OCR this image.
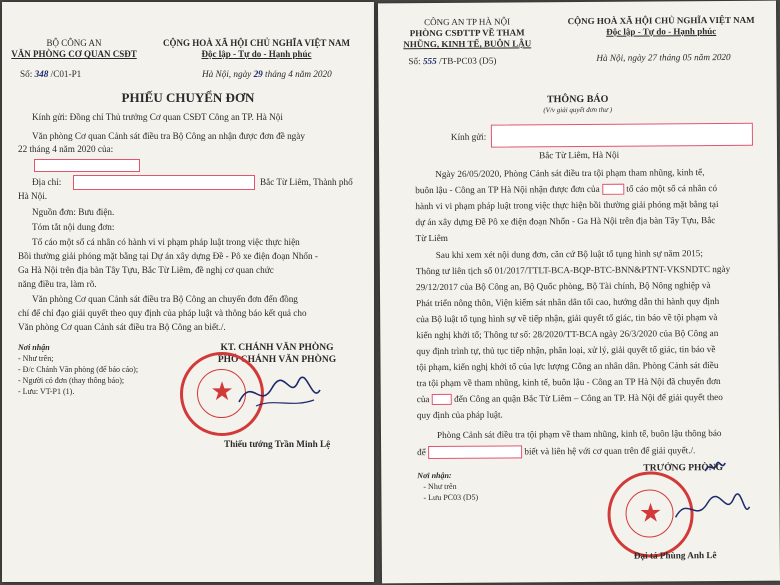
BỘ CÔNG AN
VĂN PHÒNG CƠ QUAN CSĐT
Số: 348 /C01-P1
CỘNG HOÀ XÃ HỘI CHỦ NGHĨA VIỆT NAM
Độc lập - Tự do - Hạnh phúc
Hà Nội, ngày 29 tháng 4 năm 2020
PHIẾU CHUYỂN ĐƠN
Kính gửi: Đồng chí Thủ trưởng Cơ quan CSĐT Công an TP. Hà Nội
Văn phòng Cơ quan Cảnh sát điều tra Bộ Công an nhận được đơn đề ngày
22 tháng 4 năm 2020 của:
Địa chỉ:	Bắc Từ Liêm, Thành phố
Hà Nội.
Nguồn đơn: Bưu điện.
Tóm tắt nội dung đơn:
Tố cáo một số cá nhân có hành vi vi phạm pháp luật trong việc thực hiện
Bồi thường giải phóng mặt bằng tại Dự án xây dựng Đề - Pô xe điện đoạn Nhổn -
Ga Hà Nội trên địa bàn Tây Tựu, Bắc Từ Liêm, đề nghị cơ quan chức
năng điều tra, làm rõ.
Văn phòng Cơ quan Cảnh sát điều tra Bộ Công an chuyển đơn đến đồng
chí để chỉ đạo giải quyết theo quy định của pháp luật và thông báo kết quả cho
Văn phòng Cơ quan Cảnh sát điều tra Bộ Công an biết./.
Nơi nhận
- Như trên;
- Đ/c Chánh Văn phòng (để báo cáo);
- Người có đơn (thay thông báo);
- Lưu: VT-P1 (1).
KT. CHÁNH VĂN PHÒNG
PHÓ CHÁNH VĂN PHÒNG
★
Thiếu tướng Trần Minh Lệ
CÔNG AN TP HÀ NỘI
PHÒNG CSĐTTP VỀ THAM
NHŨNG, KINH TẾ, BUÔN LẬU
Số: 555 /TB-PC03 (D5)
CỘNG HOÀ XÃ HỘI CHỦ NGHĨA VIỆT NAM
Độc lập - Tự do - Hạnh phúc
Hà Nội, ngày 27 tháng 05 năm 2020
THÔNG BÁO
(V/v giải quyết đơn thư )
Kính gửi:
Bắc Từ Liêm, Hà Nội
Ngày 26/05/2020, Phòng Cảnh sát điều tra tội phạm tham nhũng, kinh tế,
buôn lậu - Công an TP Hà Nội nhận được đơn của	tố cáo một số cá nhân có
hành vi vi phạm pháp luật trong việc thực hiện bồi thường giải phóng mặt bằng tại
dự án xây dựng Đề Pô xe điện đoạn Nhổn - Ga Hà Nội trên địa bàn Tây Tựu, Bắc
Từ Liêm
Sau khi xem xét nội dung đơn, căn cứ Bộ luật tố tụng hình sự năm 2015;
Thông tư liên tịch số 01/2017/TTLT-BCA-BQP-BTC-BNN&PTNT-VKSNDTC ngày
29/12/2017 của Bộ Công an, Bộ Quốc phòng, Bộ Tài chính, Bộ Nông nghiệp và
Phát triển nông thôn, Viện kiểm sát nhân dân tối cao, hướng dẫn thi hành quy định
của Bộ luật tố tụng hình sự về tiếp nhận, giải quyết tố giác, tin báo về tội phạm và
kiến nghị khởi tố; Thông tư số: 28/2020/TT-BCA ngày 26/3/2020 của Bộ Công an
quy định trình tự, thủ tục tiếp nhận, phân loại, xử lý, giải quyết tố giác, tin báo về
tội phạm, kiến nghị khởi tố của lực lượng Công an nhân dân. Phòng Cảnh sát điều
tra tội phạm về tham nhũng, kinh tế, buôn lậu - Công an TP Hà Nội đã chuyển đơn
của	đến Công an quận Bắc Từ Liêm – Công an TP. Hà Nội để giải quyết theo
quy định của pháp luật.
Phòng Cảnh sát điều tra tội phạm về tham nhũng, kinh tế, buôn lậu thông báo
để	biết và liên hệ với cơ quan trên để giải quyết./.
Nơi nhận:
- Như trên
- Lưu PC03 (D5)
TRƯỞNG PHÒNG
★
Đại tá Phùng Anh Lê
